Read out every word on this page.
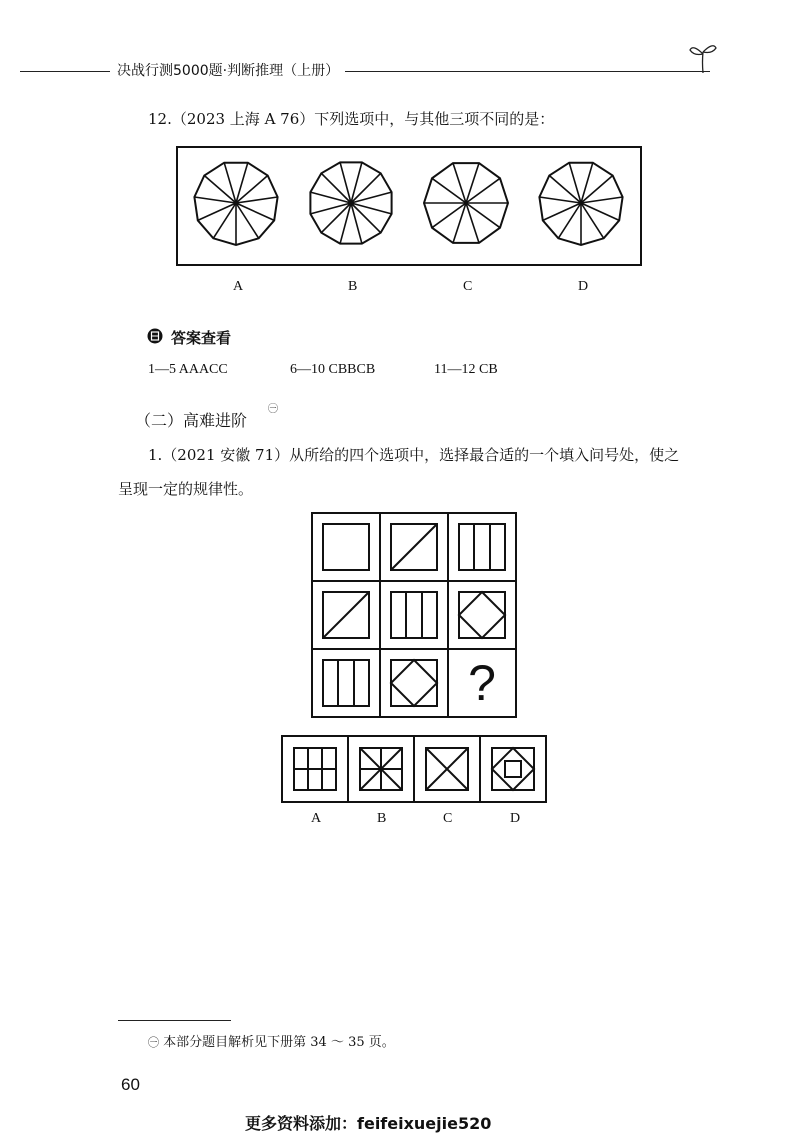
决战行测5000题·判断推理（上册）
12.（2023 上海 A 76）下列选项中，与其他三项不同的是：
A	B	C	D
答案查看
1—5 AAACC	6—10 CBBCB	11—12 CB
（二）高难进阶
㊀
1.（2021 安徽 71）从所给的四个选项中，选择最合适的一个填入问号处，使之
呈现一定的规律性。
?
A	B	C	D
㊀ 本部分题目解析见下册第 34 ～ 35 页。
60
更多资料添加：feifeixuejie520
